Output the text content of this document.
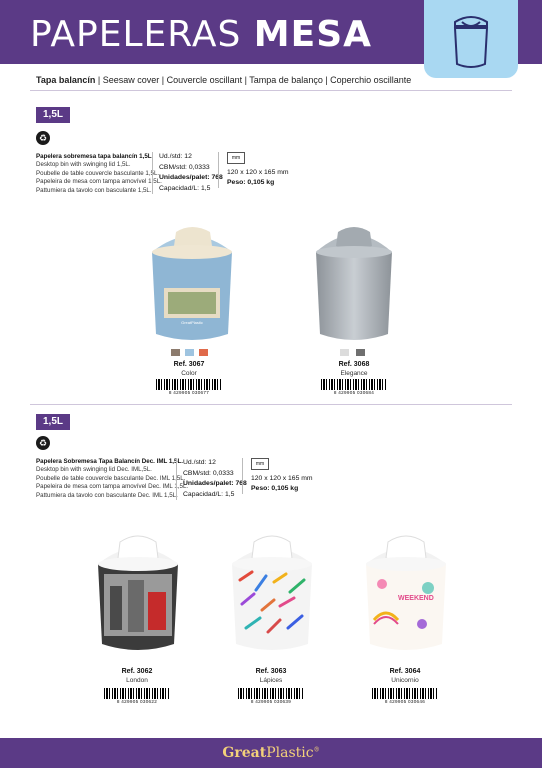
PAPELERAS MESA
Tapa balancín | Seesaw cover | Couvercle oscillant | Tampa de balanço | Coperchio oscillante
1,5L
♻
Papelera sobremesa tapa balancín 1,5L.
Desktop bin with swinging lid 1,5L.
Poubelle de table couvercle basculante 1,5L.
Papeleira de mesa com tampa amovível 1,5L.
Pattumiera da tavolo con basculante 1,5L.
Ud./std: 12
CBM/std: 0,0333
Unidades/palet: 768
Capacidad/L: 1,5
mm
120 x 120 x 165 mm
Peso: 0,105 kg
GreatPlastic
Ref. 3067
Color
8 429905 030677
Ref. 3068
Elegance
8 429905 030684
1,5L
♻
Papelera Sobremesa Tapa Balancín Dec. IML 1,5L.
Desktop bin with swinging lid Dec. IML,5L.
Poubelle de table couvercle basculante Dec. IML 1,5L.
Papeleira de mesa com tampa amovível Dec. IML 1,5L.
Pattumiera da tavolo con basculante Dec. IML 1,5L.
Ud./std: 12
CBM/std: 0,0333
Unidades/palet: 768
Capacidad/L: 1,5
mm
120 x 120 x 165 mm
Peso: 0,105 kg
Ref. 3062
London
8 429905 030622
Ref. 3063
Lápices
8 429905 030639
WEEKEND
Ref. 3064
Unicornio
8 429905 030646
GreatPlastic®
